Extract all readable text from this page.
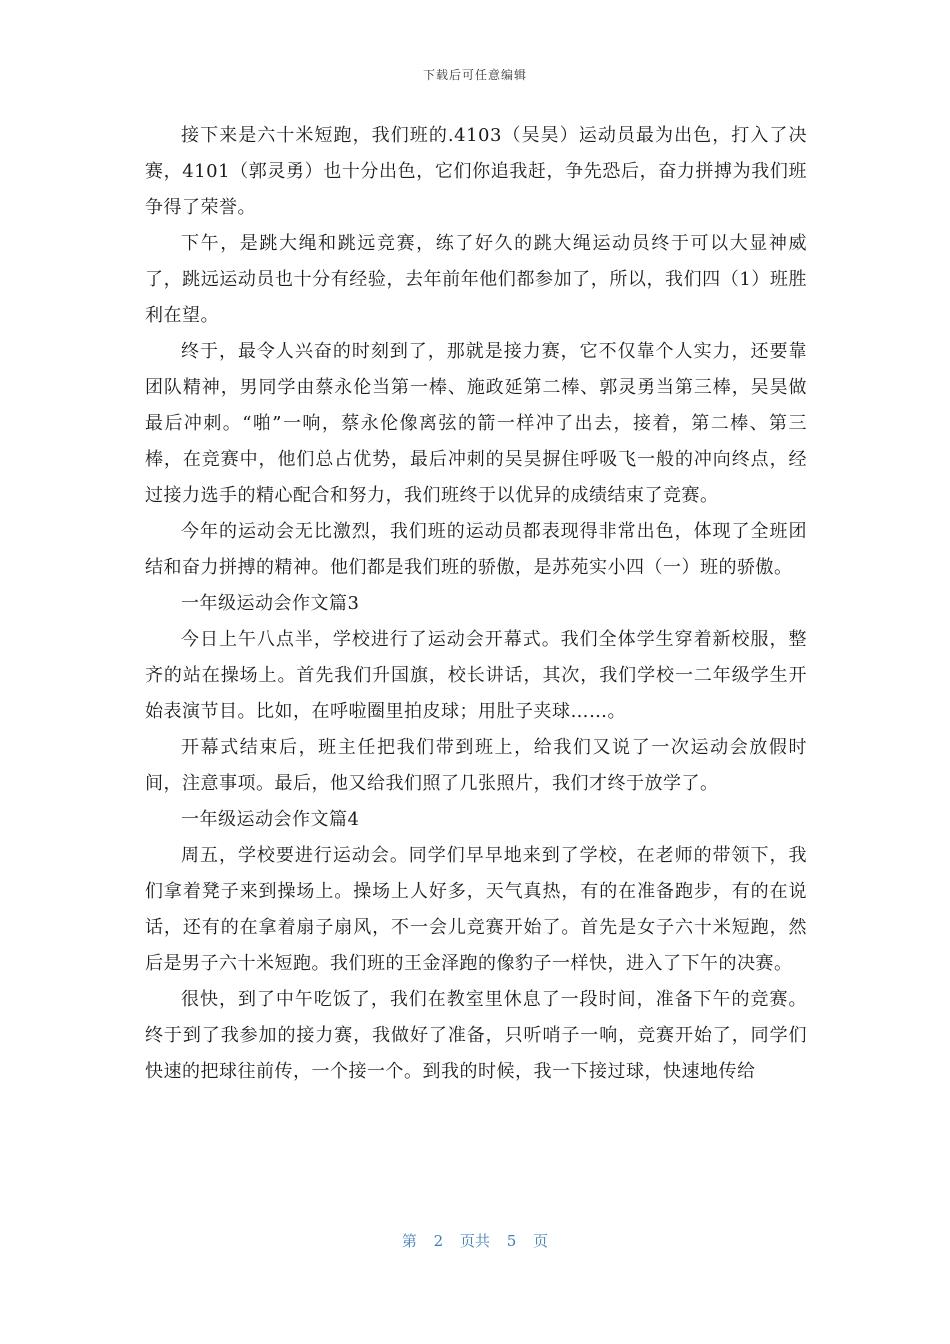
下载后可任意编辑

接下来是六十米短跑，我们班的.4103（吴昊）运动员最为出色，打入了决赛，4101（郭灵勇）也十分出色，它们你追我赶，争先恐后，奋力拼搏为我们班争得了荣誉。

下午，是跳大绳和跳远竞赛，练了好久的跳大绳运动员终于可以大显神威了，跳远运动员也十分有经验，去年前年他们都参加了，所以，我们四（1）班胜利在望。

终于，最令人兴奋的时刻到了，那就是接力赛，它不仅靠个人实力，还要靠团队精神，男同学由蔡永伦当第一棒、施政延第二棒、郭灵勇当第三棒，吴昊做最后冲刺。“啪”一响，蔡永伦像离弦的箭一样冲了出去，接着，第二棒、第三棒，在竞赛中，他们总占优势，最后冲刺的吴昊摒住呼吸飞一般的冲向终点，经过接力选手的精心配合和努力，我们班终于以优异的成绩结束了竞赛。

今年的运动会无比激烈，我们班的运动员都表现得非常出色，体现了全班团结和奋力拼搏的精神。他们都是我们班的骄傲，是苏苑实小四（一）班的骄傲。

一年级运动会作文篇3

今日上午八点半，学校进行了运动会开幕式。我们全体学生穿着新校服，整齐的站在操场上。首先我们升国旗，校长讲话，其次，我们学校一二年级学生开始表演节目。比如，在呼啦圈里拍皮球；用肚子夹球……。

开幕式结束后，班主任把我们带到班上，给我们又说了一次运动会放假时间，注意事项。最后，他又给我们照了几张照片，我们才终于放学了。

一年级运动会作文篇4

周五，学校要进行运动会。同学们早早地来到了学校，在老师的带领下，我们拿着凳子来到操场上。操场上人好多，天气真热，有的在准备跑步，有的在说话，还有的在拿着扇子扇风，不一会儿竞赛开始了。首先是女子六十米短跑，然后是男子六十米短跑。我们班的王金泽跑的像豹子一样快，进入了下午的决赛。

很快，到了中午吃饭了，我们在教室里休息了一段时间，准备下午的竞赛。终于到了我参加的接力赛，我做好了准备，只听哨子一响，竞赛开始了，同学们快速的把球往前传，一个接一个。到我的时候，我一下接过球，快速地传给

第 2 页共 5 页
